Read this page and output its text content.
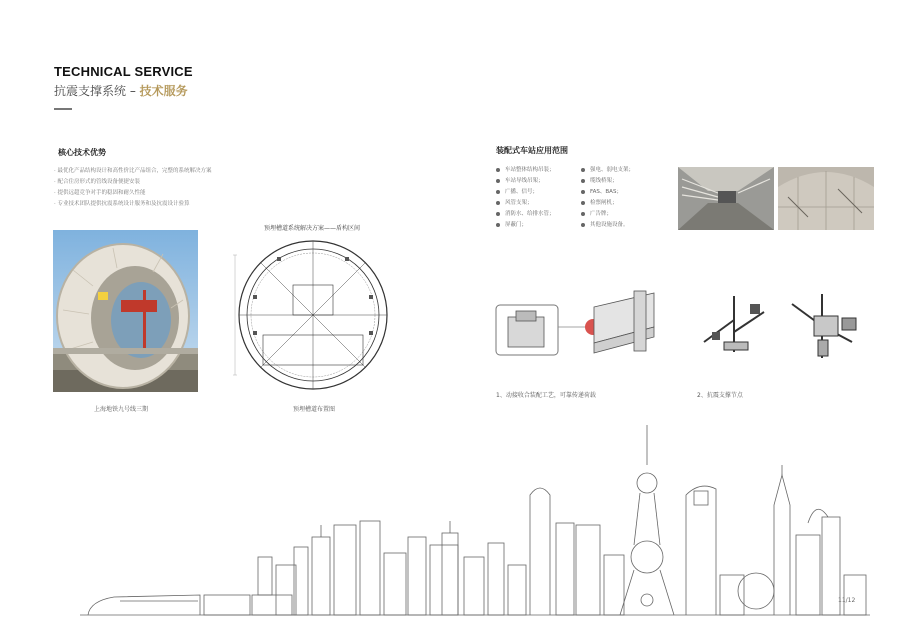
TECHNICAL SERVICE
抗震支撑系统 – 技术服务
核心技术优势
· 最优化产品结构设计和高性价比产品组合，完整的系统解决方案
· 配合住房形式的管线设备便捷安装
· 提供远超竞争对手的稳固和耐久性能
· 专业技术团队提供抗震系统设计服务和及抗震设计验算
上海地铁九号线三期
预埋槽道系统解决方案——盾构区间
预埋槽道布置图
装配式车站应用范围
车站整体结构吊装；
车站导线吊架；
广播、信号；
风管支架；
消防水、给排水管；
屏蔽门；
强电、弱电支架；
缆线桥架；
FAS、BAS；
检票闸机；
广告牌；
其他设施设备。
1、动接收合装配工艺，可靠传递荷载	2、抗震支撑节点
11/12
